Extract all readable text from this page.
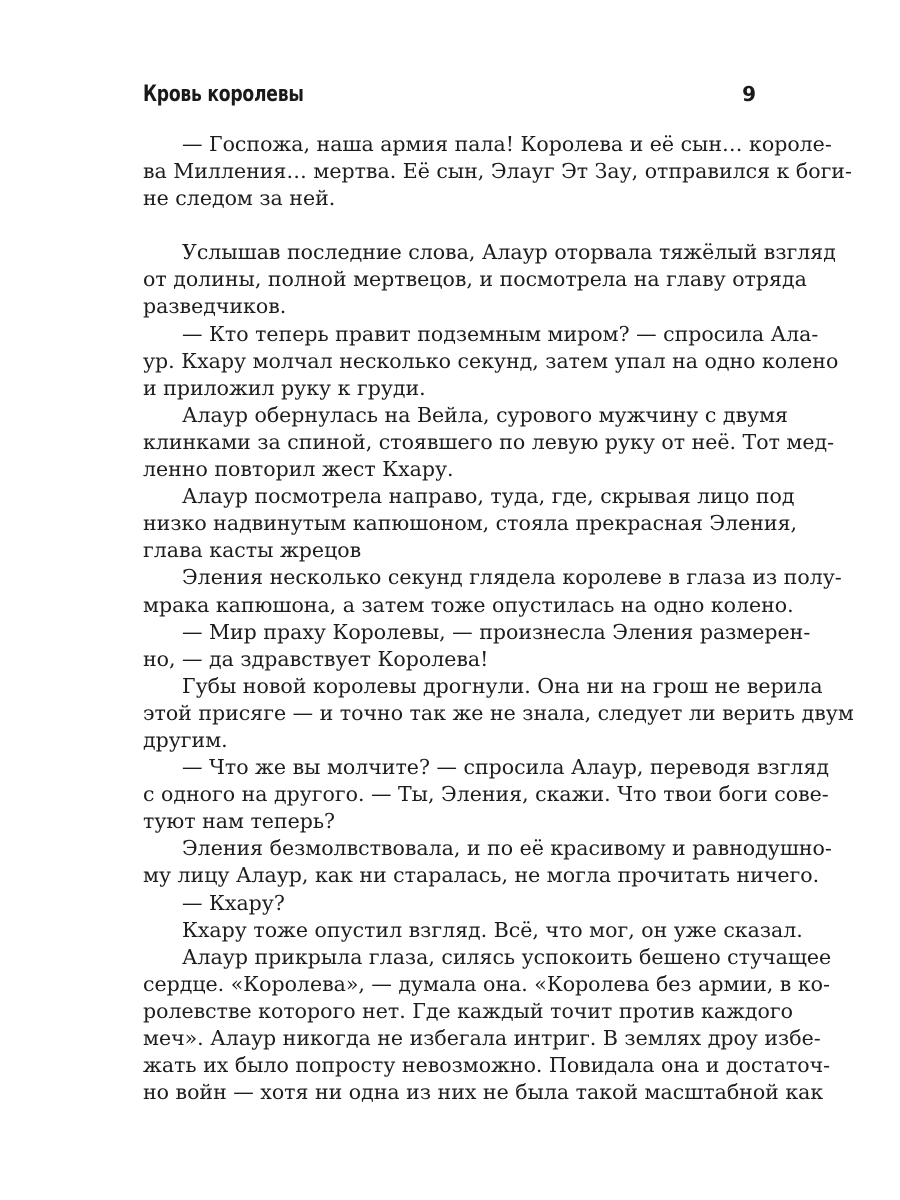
Кровь королевы	9

— Госпожа, наша армия пала! Королева и её сын… короле-
ва Миллeния… мертва. Её сын, Элауг Эт Зау, отправился к боги-
не следом за ней.

Услышав последние слова, Алаур оторвала тяжёлый взгляд
от долины, полной мертвецов, и посмотрела на главу отряда
разведчиков.

— Кто теперь правит подземным миром? — спросила Ала-
ур. Кхару молчал несколько секунд, затем упал на одно колено
и приложил руку к груди.

Алаур обернулась на Вейла, сурового мужчину с двумя
клинками за спиной, стоявшего по левую руку от неё. Тот мед-
ленно повторил жест Кхару.

Алаур посмотрела направо, туда, где, скрывая лицо под
низко надвинутым капюшоном, стояла прекрасная Эления,
глава касты жрецов

Эления несколько секунд глядела королеве в глаза из полу-
мрака капюшона, а затем тоже опустилась на одно колено.

— Мир праху Королевы, — произнесла Эления размерен-
но, — да здравствует Королева!

Губы новой королевы дрогнули. Она ни на грош не верила
этой присяге — и точно так же не знала, следует ли верить двум
другим.

— Что же вы молчите? — спросила Алаур, переводя взгляд
с одного на другого. — Ты, Эления, скажи. Что твои боги сове-
туют нам теперь?

Эления безмолвствовала, и по её красивому и равнодушно-
му лицу Алаур, как ни старалась, не могла прочитать ничего.

— Кхару?

Кхару тоже опустил взгляд. Всё, что мог, он уже сказал.

Алаур прикрыла глаза, силясь успокоить бешено стучащее
сердце. «Королева», — думала она. «Королева без армии, в ко-
ролевстве которого нет. Где каждый точит против каждого
меч». Алаур никогда не избегала интриг. В землях дроу избе-
жать их было попросту невозможно. Повидала она и достаточ-
но войн — хотя ни одна из них не была такой масштабной как
